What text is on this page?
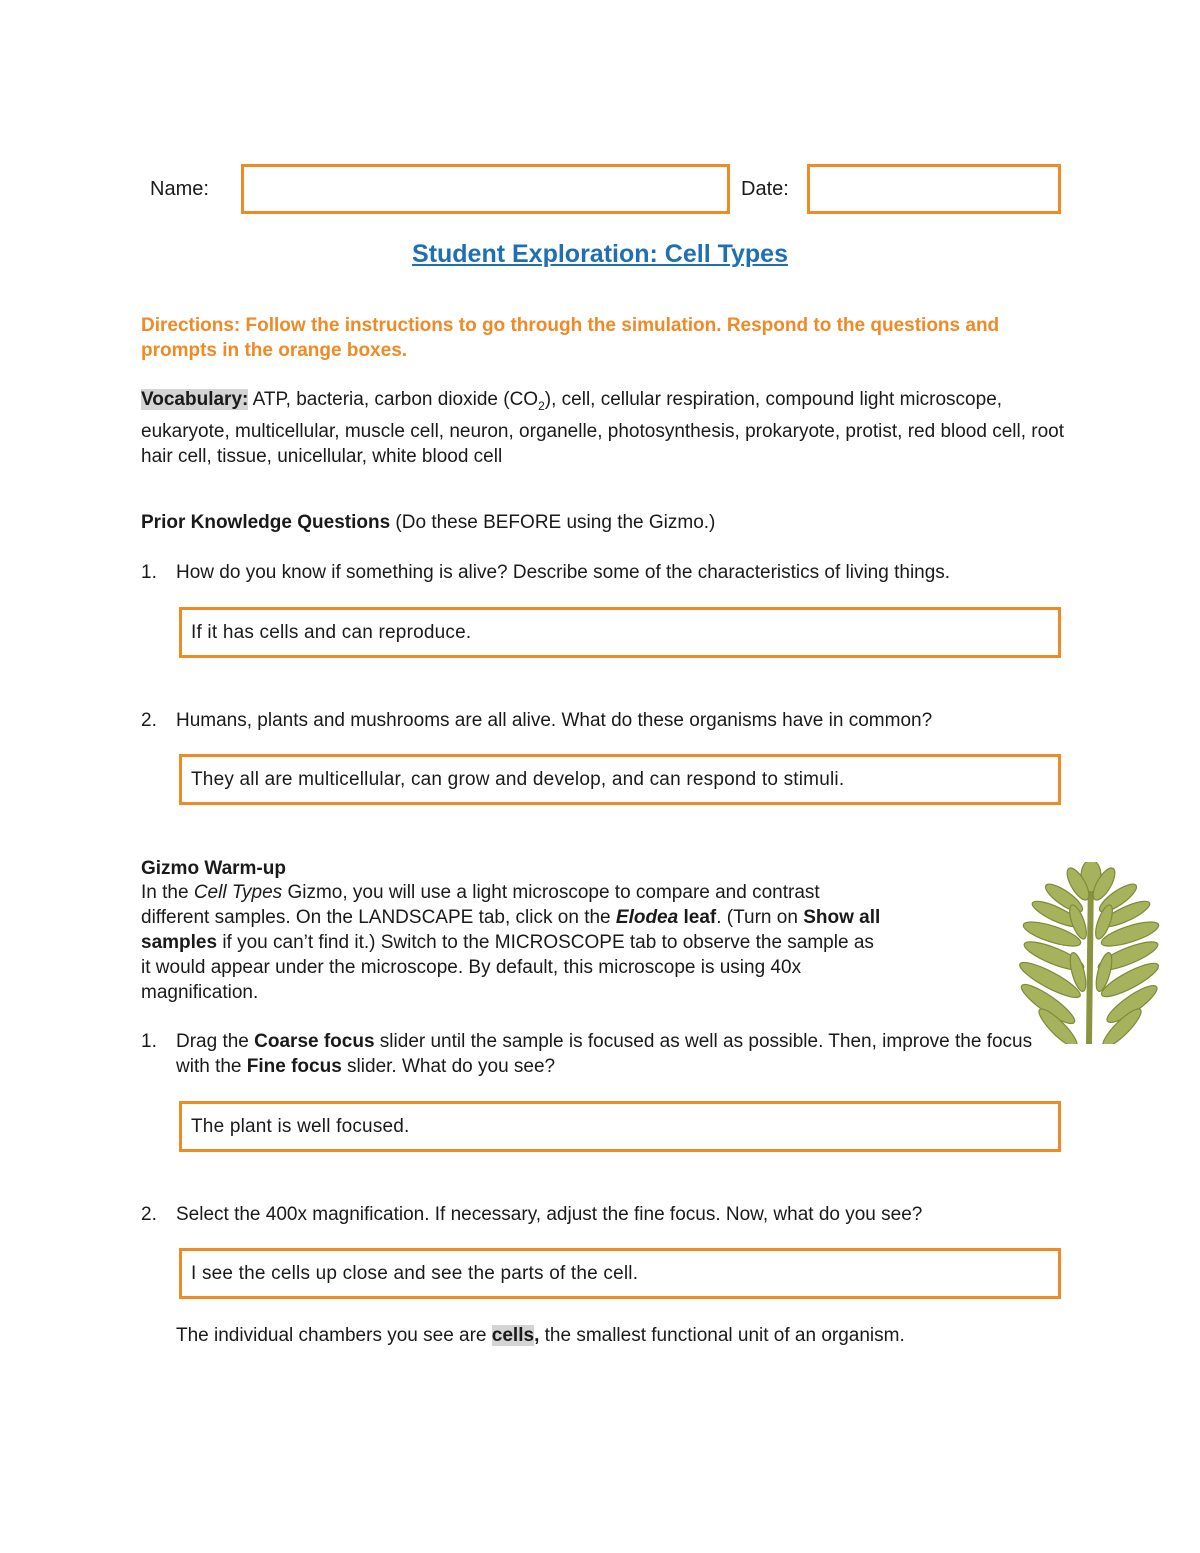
Name:	Date:
Student Exploration: Cell Types
Directions: Follow the instructions to go through the simulation. Respond to the questions and prompts in the orange boxes.
Vocabulary: ATP, bacteria, carbon dioxide $(CO_2)$, cell, cellular respiration, compound light microscope, eukaryote, multicellular, muscle cell, neuron, organelle, photosynthesis, prokaryote, protist, red blood cell, root hair cell, tissue, unicellular, white blood cell
Prior Knowledge Questions (Do these BEFORE using the Gizmo.)
1. How do you know if something is alive? Describe some of the characteristics of living things.
If it has cells and can reproduce.
2. Humans, plants and mushrooms are all alive. What do these organisms have in common?
They all are multicellular, can grow and develop, and can respond to stimuli.
Gizmo Warm-up
In the Cell Types Gizmo, you will use a light microscope to compare and contrast different samples. On the LANDSCAPE tab, click on the Elodea leaf. (Turn on Show all samples if you can’t find it.) Switch to the MICROSCOPE tab to observe the sample as it would appear under the microscope. By default, this microscope is using 40x magnification.
1.	Drag the Coarse focus slider until the sample is focused as well as possible. Then, improve the focus with the Fine focus slider. What do you see?
The plant is well focused.
2. Select the 400x magnification. If necessary, adjust the fine focus. Now, what do you see?
I see the cells up close and see the parts of the cell.
The individual chambers you see are cells, the smallest functional unit of an organism.
